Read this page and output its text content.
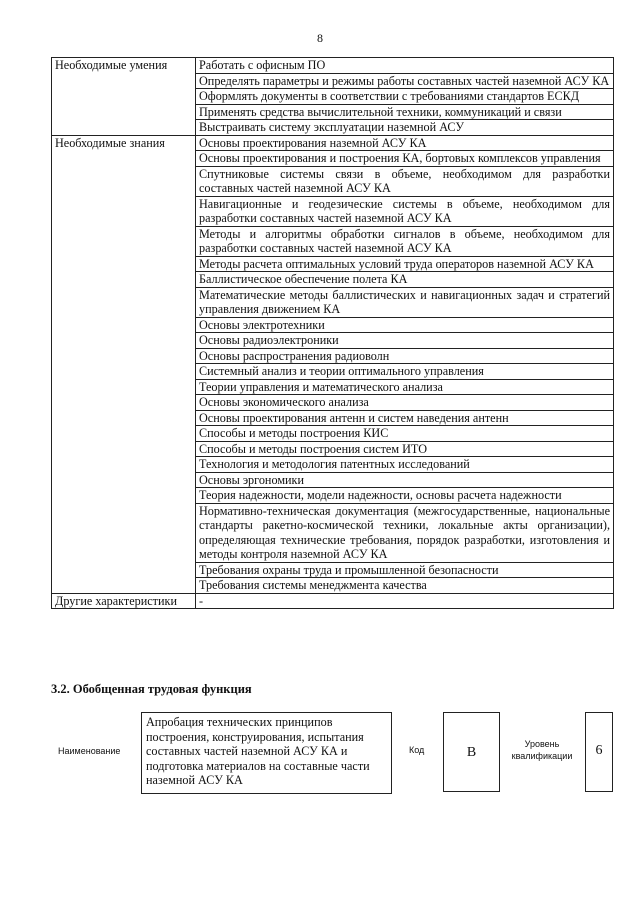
8
Необходимые умения	Работать с офисным ПО
	Определять параметры и режимы работы составных частей наземной АСУ КА
	Оформлять документы в соответствии с требованиями стандартов ЕСКД
	Применять средства вычислительной техники, коммуникаций и связи
	Выстраивать систему эксплуатации наземной АСУ
Необходимые знания	Основы проектирования наземной АСУ КА
	Основы проектирования и построения КА, бортовых комплексов управления
	Спутниковые системы связи в объеме, необходимом для разработки составных частей наземной АСУ КА
	Навигационные и геодезические системы в объеме, необходимом для разработки составных частей наземной АСУ КА
	Методы и алгоритмы обработки сигналов в объеме, необходимом для разработки составных частей наземной АСУ КА
	Методы расчета оптимальных условий труда операторов наземной АСУ КА
	Баллистическое обеспечение полета КА
	Математические методы баллистических и навигационных задач и стратегий управления движением КА
	Основы электротехники
	Основы радиоэлектроники
	Основы распространения радиоволн
	Системный анализ и теории оптимального управления
	Теории управления и математического анализа
	Основы экономического анализа
	Основы проектирования антенн и систем наведения антенн
	Способы и методы построения КИС
	Способы и методы построения систем ИТО
	Технология и методология патентных исследований
	Основы эргономики
	Теория надежности, модели надежности, основы расчета надежности
	Нормативно-техническая документация (межгосударственные, национальные стандарты ракетно-космической техники, локальные акты организации), определяющая технические требования, порядок разработки, изготовления и методы контроля наземной АСУ КА
	Требования охраны труда и промышленной безопасности
	Требования системы менеджмента качества
Другие характеристики	-
3.2. Обобщенная трудовая функция
Наименование
Апробация технических принципов построения, конструирования, испытания составных частей наземной АСУ КА и подготовка материалов на составные части наземной АСУ КА
Код	B
Уровень квалификации	6
